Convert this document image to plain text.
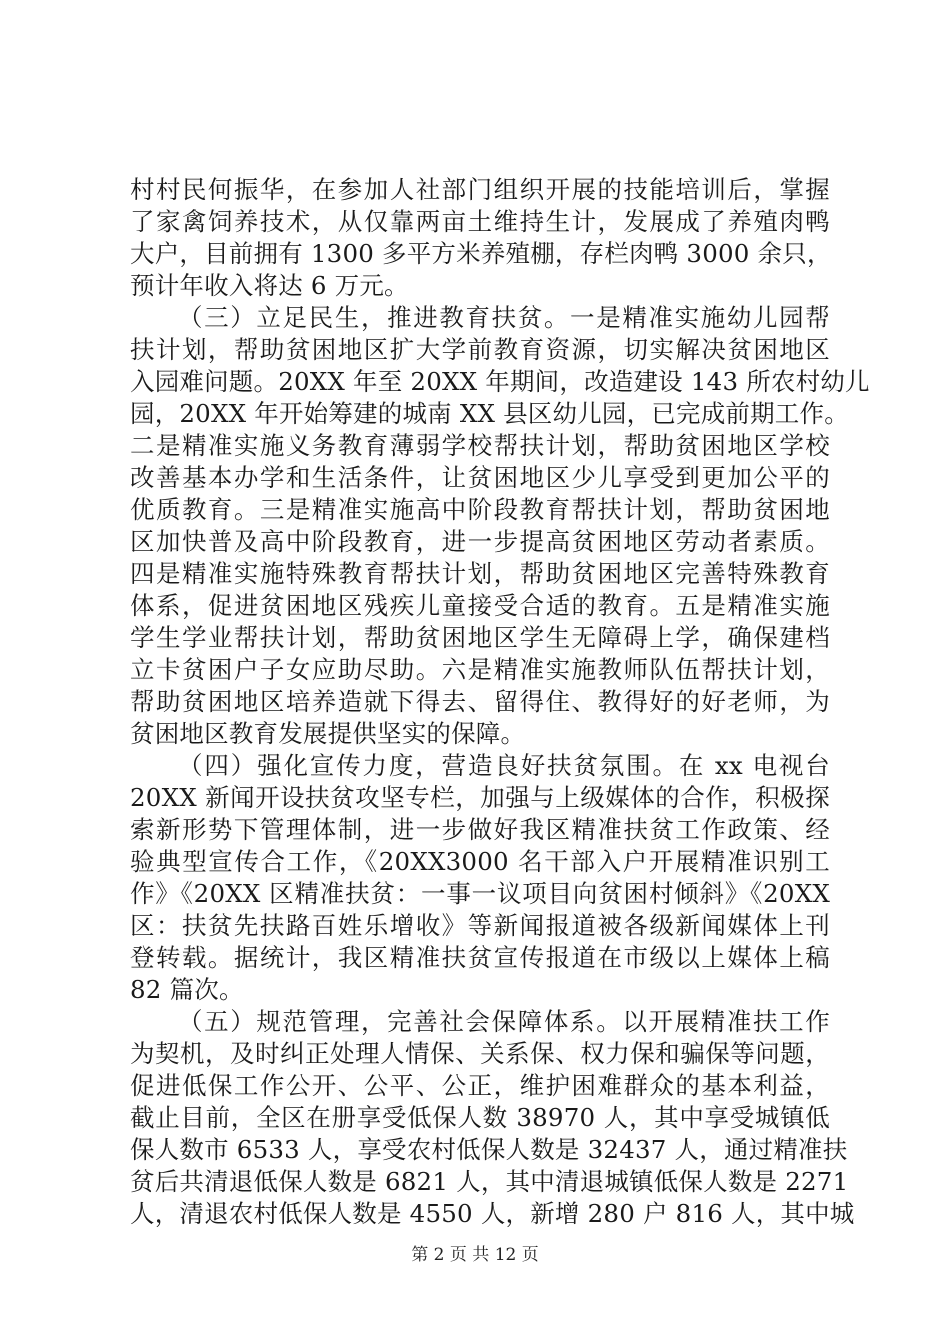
村村民何振华，在参加人社部门组织开展的技能培训后，掌握
了家禽饲养技术，从仅靠两亩土维持生计，发展成了养殖肉鸭
大户，目前拥有 1300 多平方米养殖棚，存栏肉鸭 3000 余只，
预计年收入将达 6 万元。
（三）立足民生，推进教育扶贫。一是精准实施幼儿园帮
扶计划，帮助贫困地区扩大学前教育资源，切实解决贫困地区
入园难问题。20XX 年至 20XX 年期间，改造建设 143 所农村幼儿
园，20XX 年开始筹建的城南 XX 县区幼儿园，已完成前期工作。
二是精准实施义务教育薄弱学校帮扶计划，帮助贫困地区学校
改善基本办学和生活条件，让贫困地区少儿享受到更加公平的
优质教育。三是精准实施高中阶段教育帮扶计划，帮助贫困地
区加快普及高中阶段教育，进一步提高贫困地区劳动者素质。
四是精准实施特殊教育帮扶计划，帮助贫困地区完善特殊教育
体系，促进贫困地区残疾儿童接受合适的教育。五是精准实施
学生学业帮扶计划，帮助贫困地区学生无障碍上学，确保建档
立卡贫困户子女应助尽助。六是精准实施教师队伍帮扶计划，
帮助贫困地区培养造就下得去、留得住、教得好的好老师，为
贫困地区教育发展提供坚实的保障。
（四）强化宣传力度，营造良好扶贫氛围。在 xx 电视台
20XX 新闻开设扶贫攻坚专栏，加强与上级媒体的合作，积极探
索新形势下管理体制，进一步做好我区精准扶贫工作政策、经
验典型宣传合工作，《20XX3000 名干部入户开展精准识别工
作》《20XX 区精准扶贫：一事一议项目向贫困村倾斜》《20XX
区：扶贫先扶路百姓乐增收》等新闻报道被各级新闻媒体上刊
登转载。据统计，我区精准扶贫宣传报道在市级以上媒体上稿
82 篇次。
（五）规范管理，完善社会保障体系。以开展精准扶工作
为契机，及时纠正处理人情保、关系保、权力保和骗保等问题，
促进低保工作公开、公平、公正，维护困难群众的基本利益，
截止目前，全区在册享受低保人数 38970 人，其中享受城镇低
保人数市 6533 人，享受农村低保人数是 32437 人，通过精准扶
贫后共清退低保人数是 6821 人，其中清退城镇低保人数是 2271
人，清退农村低保人数是 4550 人，新增 280 户 816 人，其中城
第 2 页 共 12 页
